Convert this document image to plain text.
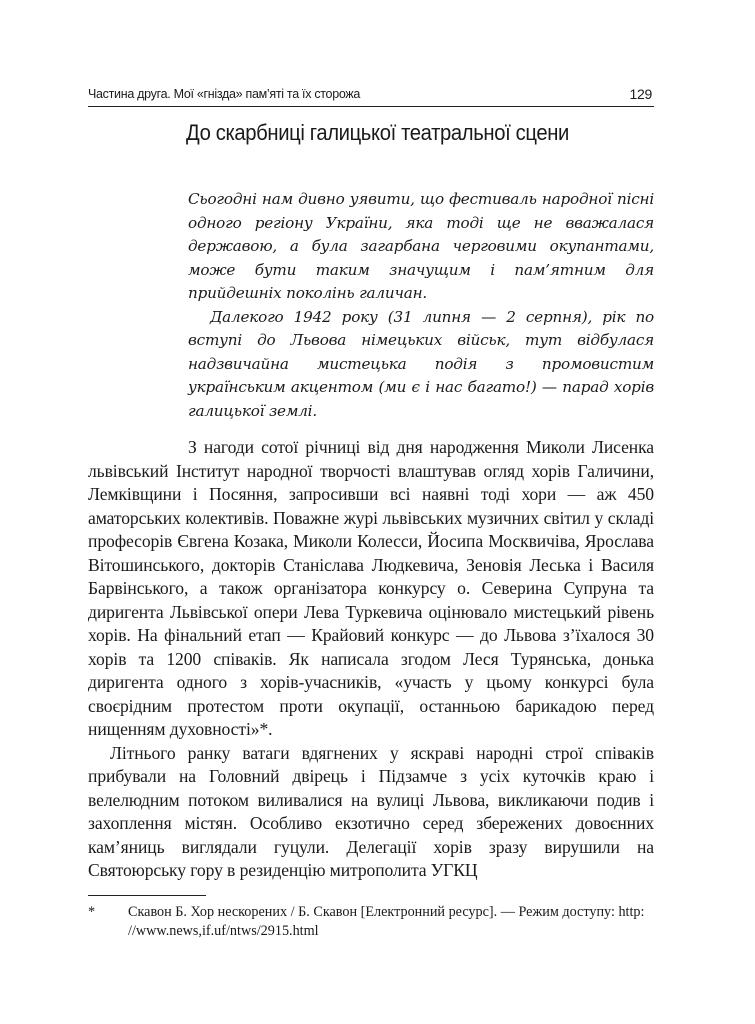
Частина друга. Мої «гнізда» пам’яті та їх сторожа	129
До скарбниці галицької театральної сцени

Сьогодні нам дивно уявити, що фестиваль народної пісні одного регіону України, яка тоді ще не вважалася державою, а була загарбана черговими окупантами, може бути таким значущим і пам’ятним для прийдешніх поколінь галичан.

Далекого 1942 року (31 липня — 2 серпня), рік по вступі до Львова німецьких військ, тут відбулася надзвичайна мистецька подія з промовистим українським акцентом (ми є і нас багато!) — парад хорів галицької землі.

З нагоди сотої річниці від дня народження Миколи Лисенка львівський Інститут народної творчості влаштував огляд хорів Галичини, Лемківщини і Посяння, запросивши всі наявні тоді хори — аж 450 аматорських колективів. Поважне журі львівських музичних світил у складі професорів Євгена Козака, Миколи Колесси, Йосипа Москвичіва, Ярослава Вітошинського, докторів Станіслава Людкевича, Зеновія Леська і Василя Барвінського, а також організатора конкурсу о. Северина Супруна та диригента Львівської опери Лева Туркевича оцінювало мистецький рівень хорів. На фінальний етап — Крайовий конкурс — до Львова з’їхалося 30 хорів та 1200 співаків. Як написала згодом Леся Турянська, донька диригента одного з хорів-учасників, «участь у цьому конкурсі була своєрідним протестом проти окупації, останньою барикадою перед нищенням духовності»*.

Літнього ранку ватаги вдягнених у яскраві народні строї співаків прибували на Головний двірець і Підзамче з усіх куточків краю і велелюдним потоком виливалися на вулиці Львова, викликаючи подив і захоплення містян. Особливо екзотично серед збережених довоєнних кам’яниць виглядали гуцули. Делегації хорів зразу вирушили на Святоюрську гору в резиденцію митрополита УГКЦ

* Скавон Б. Хор нескорених / Б. Скавон [Електронний ресурс]. — Режим доступу: http: //www.news,if.uf/ntws/2915.html
